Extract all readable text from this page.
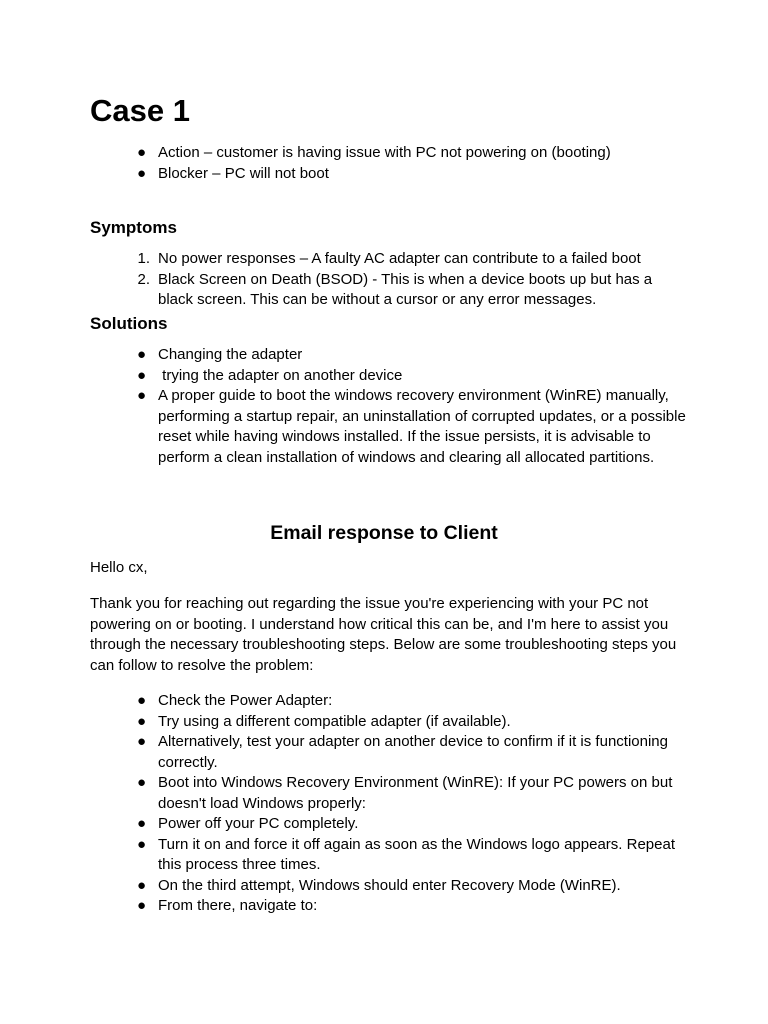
Case 1
● Action – customer is having issue with PC not powering on (booting)
● Blocker – PC will not boot
Symptoms
1. No power responses – A faulty AC adapter can contribute to a failed boot
2. Black Screen on Death (BSOD) - This is when a device boots up but has a black screen. This can be without a cursor or any error messages.
Solutions
● Changing the adapter
● trying the adapter on another device
● A proper guide to boot the windows recovery environment (WinRE) manually, performing a startup repair, an uninstallation of corrupted updates, or a possible reset while having windows installed. If the issue persists, it is advisable to perform a clean installation of windows and clearing all allocated partitions.
Email response to Client

Hello cx,

Thank you for reaching out regarding the issue you're experiencing with your PC not powering on or booting. I understand how critical this can be, and I'm here to assist you through the necessary troubleshooting steps. Below are some troubleshooting steps you can follow to resolve the problem:

● Check the Power Adapter:
● Try using a different compatible adapter (if available).
● Alternatively, test your adapter on another device to confirm if it is functioning correctly.
● Boot into Windows Recovery Environment (WinRE): If your PC powers on but doesn't load Windows properly:
● Power off your PC completely.
● Turn it on and force it off again as soon as the Windows logo appears. Repeat this process three times.
● On the third attempt, Windows should enter Recovery Mode (WinRE).
● From there, navigate to:
